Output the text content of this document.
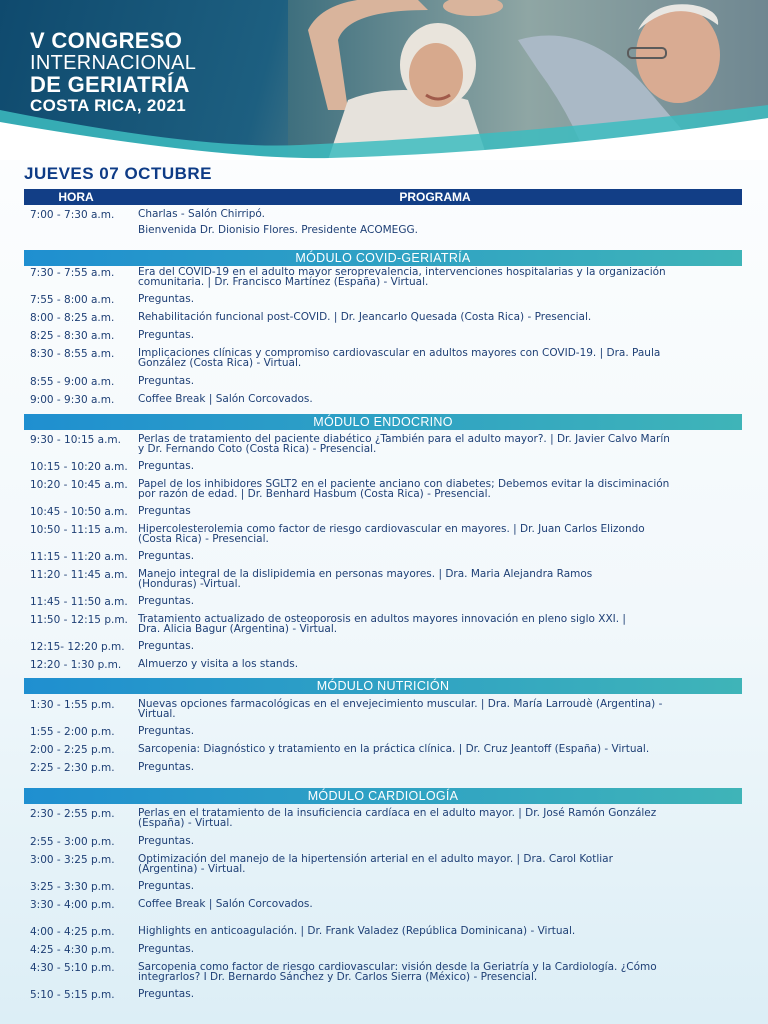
V CONGRESO
INTERNACIONAL
DE GERIATRÍA
COSTA RICA, 2021
JUEVES 07 OCTUBRE
HORA	PROGRAMA
7:00 - 7:30 a.m. Charlas - Salón Chirripó.
Bienvenida Dr. Dionisio Flores. Presidente ACOMEGG.
MÓDULO COVID-GERIATRÍA
7:30 - 7:55 a.m. Era del COVID-19 en el adulto mayor seroprevalencia, intervenciones hospitalarias y la organización
comunitaria. | Dr. Francisco Martínez (España) - Virtual.
7:55 - 8:00 a.m. Preguntas.
8:00 - 8:25 a.m. Rehabilitación funcional post-COVID. | Dr. Jeancarlo Quesada (Costa Rica) - Presencial.
8:25 - 8:30 a.m. Preguntas.
8:30 - 8:55 a.m. Implicaciones clínicas y compromiso cardiovascular en adultos mayores con COVID-19. | Dra. Paula
González (Costa Rica) - Virtual.
8:55 - 9:00 a.m. Preguntas.
9:00 - 9:30 a.m. Coffee Break | Salón Corcovados.
MÓDULO ENDOCRINO
9:30 - 10:15 a.m. Perlas de tratamiento del paciente diabético ¿También para el adulto mayor?. | Dr. Javier Calvo Marín
y Dr. Fernando Coto (Costa Rica) - Presencial.
10:15 - 10:20 a.m. Preguntas.
10:20 - 10:45 a.m. Papel de los inhibidores SGLT2 en el paciente anciano con diabetes; Debemos evitar la disciminación
por razón de edad. | Dr. Benhard Hasbum (Costa Rica) - Presencial.
10:45 - 10:50 a.m. Preguntas
10:50 - 11:15 a.m. Hipercolesterolemia como factor de riesgo cardiovascular en mayores. | Dr. Juan Carlos Elizondo
(Costa Rica) - Presencial.
11:15 - 11:20 a.m. Preguntas.
11:20 - 11:45 a.m. Manejo integral de la dislipidemia en personas mayores. | Dra. Maria Alejandra Ramos
(Honduras) -Virtual.
11:45 - 11:50 a.m. Preguntas.
11:50 - 12:15 p.m. Tratamiento actualizado de osteoporosis en adultos mayores innovación en pleno siglo XXI. |
Dra. Alicia Bagur (Argentina) - Virtual.
12:15- 12:20 p.m. Preguntas.
12:20 - 1:30 p.m. Almuerzo y visita a los stands.
MÓDULO NUTRICIÓN
1:30 - 1:55 p.m. Nuevas opciones farmacológicas en el envejecimiento muscular. | Dra. María Larroudè (Argentina) -
Virtual.
1:55 - 2:00 p.m. Preguntas.
2:00 - 2:25 p.m. Sarcopenia: Diagnóstico y tratamiento en la práctica clínica. | Dr. Cruz Jeantoff (España) - Virtual.
2:25 - 2:30 p.m. Preguntas.
MÓDULO CARDIOLOGÍA
2:30 - 2:55 p.m. Perlas en el tratamiento de la insuficiencia cardíaca en el adulto mayor. | Dr. José Ramón González
(España) - Virtual.
2:55 - 3:00 p.m. Preguntas.
3:00 - 3:25 p.m. Optimización del manejo de la hipertensión arterial en el adulto mayor. | Dra. Carol Kotliar
(Argentina) - Virtual.
3:25 - 3:30 p.m. Preguntas.
3:30 - 4:00 p.m. Coffee Break | Salón Corcovados.
4:00 - 4:25 p.m. Highlights en anticoagulación. | Dr. Frank Valadez (República Dominicana) - Virtual.
4:25 - 4:30 p.m. Preguntas.
4:30 - 5:10 p.m. Sarcopenia como factor de riesgo cardiovascular: visión desde la Geriatría y la Cardiología. ¿Cómo
integrarlos? I Dr. Bernardo Sánchez y Dr. Carlos Sierra (México) - Presencial.
5:10 - 5:15 p.m. Preguntas.
